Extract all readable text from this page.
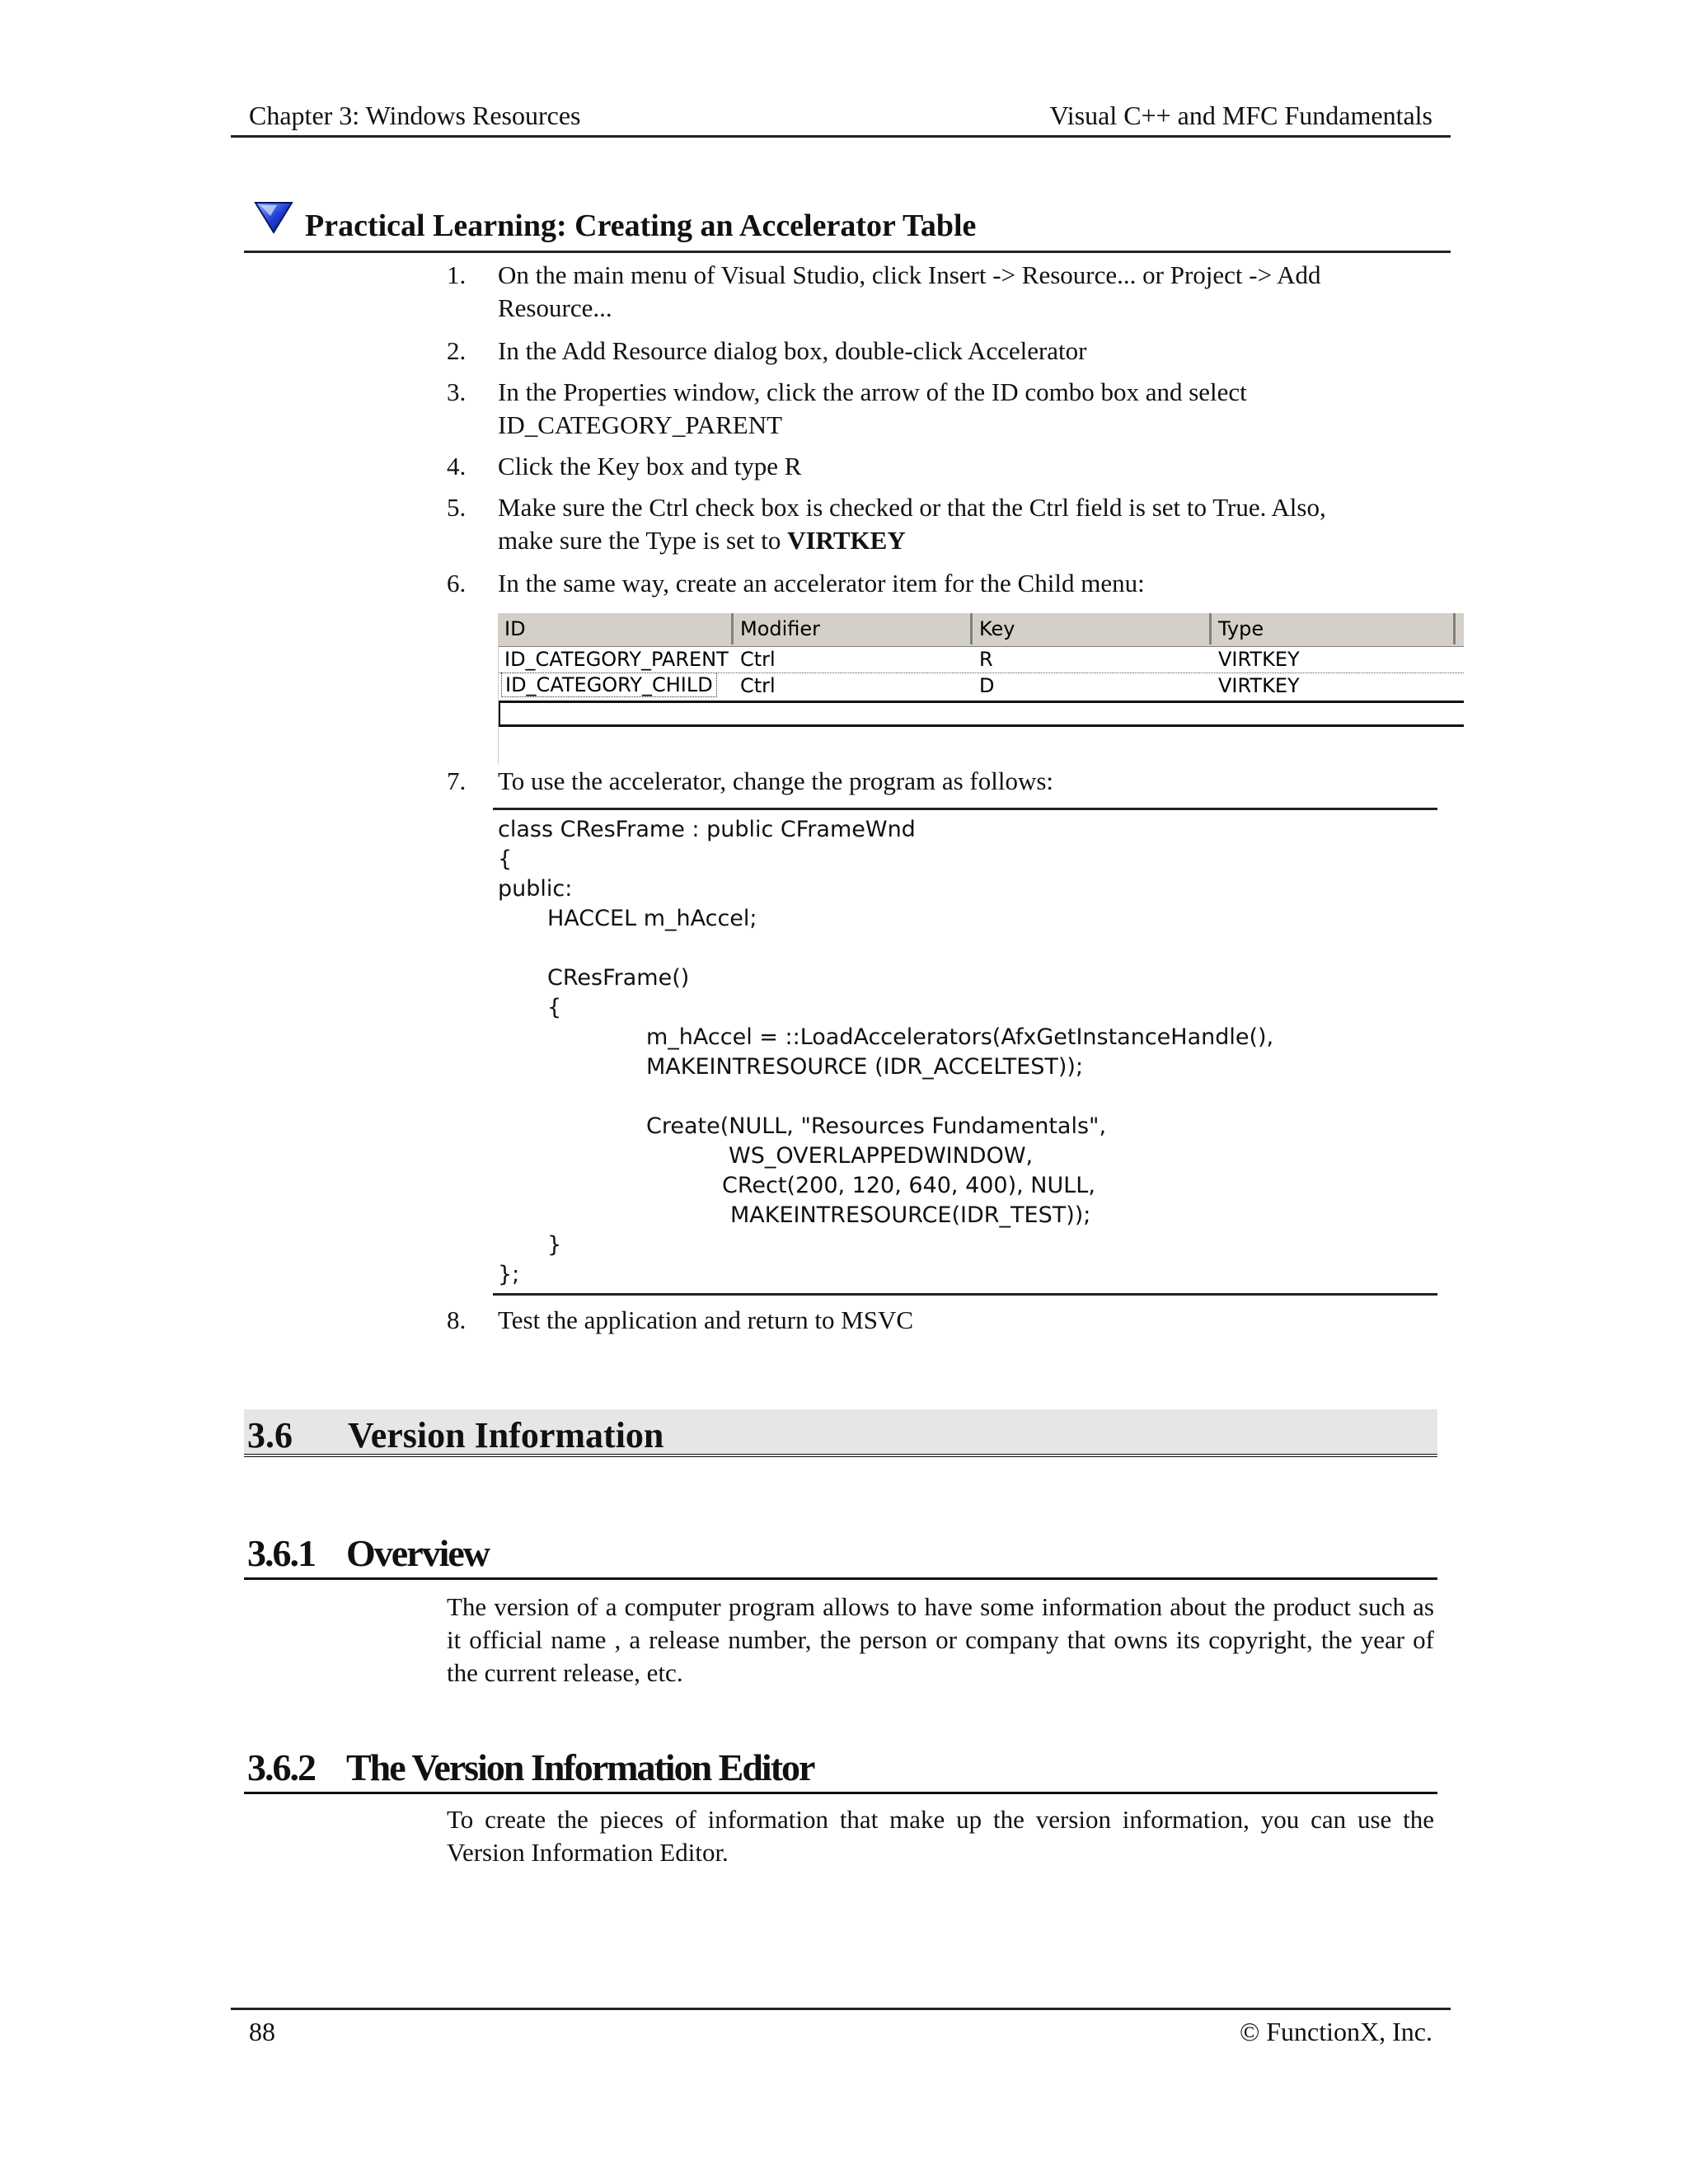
Chapter 3: Windows Resources	Visual C++ and MFC Fundamentals
Practical Learning: Creating an Accelerator Table
1.	On the main menu of Visual Studio, click Insert -> Resource... or Project -> Add
Resource...
2.	In the Add Resource dialog box, double-click Accelerator
3.	In the Properties window, click the arrow of the ID combo box and select
ID_CATEGORY_PARENT
4.	Click the Key box and type R
5.	Make sure the Ctrl check box is checked or that the Ctrl field is set to True. Also,
make sure the Type is set to VIRTKEY
6.	In the same way, create an accelerator item for the Child menu:
ID	Modifier	Key	Type
ID_CATEGORY_PARENT Ctrl	R	VIRTKEY
ID_CATEGORY_CHILD	Ctrl	D	VIRTKEY
7.	To use the accelerator, change the program as follows:
class CResFrame : public CFrameWnd
{
public:
HACCEL m_hAccel;
CResFrame()
{
m_hAccel = ::LoadAccelerators(AfxGetInstanceHandle(),
MAKEINTRESOURCE (IDR_ACCELTEST));
Create(NULL, "Resources Fundamentals",
WS_OVERLAPPEDWINDOW,
CRect(200, 120, 640, 400), NULL,
MAKEINTRESOURCE(IDR_TEST));
}
};
8.	Test the application and return to MSVC
3.6 Version Information
3.6.1 Overview
The version of a computer program allows to have some information about the product such as it official name , a release number, the person or company that owns its copyright, the year of the current release, etc.
3.6.2 The Version Information Editor
To create the pieces of information that make up the version information, you can use the Version Information Editor.
88	© FunctionX, Inc.
